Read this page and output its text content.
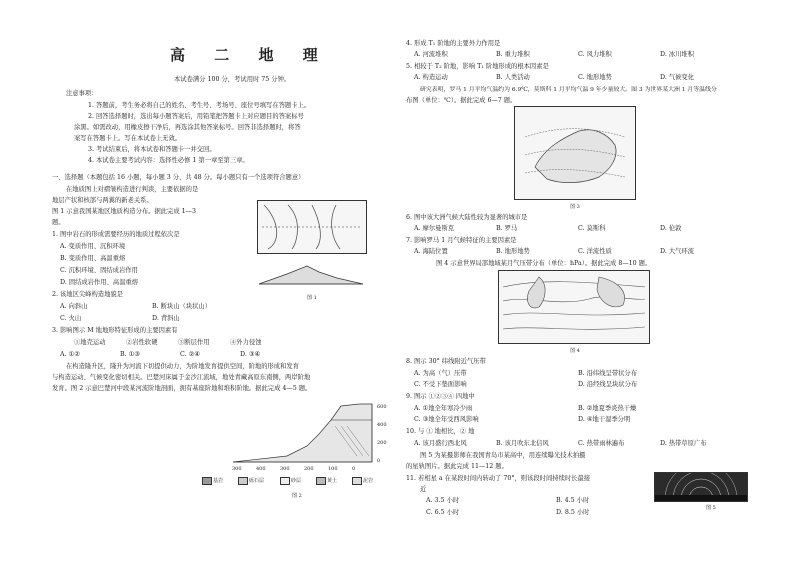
高 二 地 理
本试卷满分 100 分，考试用时 75 分钟。
注意事项：
1. 答题前，考生务必将自己的姓名、考生号、考场号、座位号填写在答题卡上。
2. 回答选择题时，选出每小题答案后，用铅笔把答题卡上对应题目的答案标号
涂黑。如需改动，用橡皮擦干净后，再选涂其他答案标号。回答非选择题时，将答
案写在答题卡上。写在本试卷上无效。
3. 考试结束后，将本试卷和答题卡一并交回。
4. 本试卷主要考试内容：选择性必修 1 第一章至第三章。
一、选择题（本题包括 16 小题，每小题 3 分，共 48 分。每小题只有一个选项符合题意）
在地质图上对褶皱构造进行判读，主要依据的是
地层产状和核部与两翼的新老关系。
图 1 示意我国某地区地质构造分布。据此完成 1—3
题。
1. 图中岩石的形成需要经历的地质过程依次是
A. 变质作用、沉积环境
B. 变质作用、高温重熔
C. 沉积环境、固结成岩作用
D. 固结成岩作用、高温重熔
2. 该地区尖峰构造地貌是
A. 向斜山	B. 断块山（块状山）
C. 火山	D. 背斜山
3. 影响图示 M 地地形特征形成的主要因素有
①地壳运动	②岩性软硬	③断层作用	④外力侵蚀
A. ①②	B. ①③	C. ②④	D. ③④
在构造隆升区，隆升为河流下切提供动力，为阶地发育提供空间，阶地的形成和发育
与构造运动、气候变化密切相关。巴楚河床属于金沙江流域，地处青藏高原东南侧，两岸阶地
发育。图 2 示意巴楚河中段某河流阶地剖面，拥有基座阶地和堆积阶地。据此完成 4—5 题。
图 1
600
400
200
0
300	400	300	200	100	0
基岩	砾石层	砂层	黄土	泥岩
图 2
4. 形成 T₁ 阶地的主要外力作用是
A. 河流堆积	B. 重力堆积	C. 风力堆积	D. 冰川堆积
5. 相较于 T₂ 阶地，影响 T₁ 阶地形成的根本因素是
A. 构造运动	B. 人类活动	C. 地形地势	D. 气候变化
研究表明，罗马 1 月平均气温约为 6.9℃，莫斯科 1 月平均气温 9 年少量较大。图 3 为世界某大洲 1 月等温线分
布图（单位：℃）。据此完成 6—7 题。
图 3
6. 图中该大洲气候大陆性较为显著的城市是
A. 摩尔曼斯克	B. 罗马	C. 莫斯科	D. 伦敦
7. 影响罗马 1 月气候特征的主要因素是
A. 海陆位置	B. 地形地势	C. 洋流性质	D. 大气环流
图 4 示意世界局部地域某月气压带分布（单位：hPa）。据此完成 8—10 题。
图 4
8. 图示 30° 纬线附近气压带
A. 为高（气）压带	B. 沿纬线呈带状分布
C. 不受下垫面影响	D. 沿经线呈块状分布
9. 图示 ①②③④ 四地中
A. ①地全年寒冷少雨	B. ②地夏季炎热干燥
C. ③地全年受西风影响	D. ④地干湿季分明
10. 与 ① 地相比，② 地
A. 该月盛行西北风	B. 该月吹东北信风	C. 热带雨林遍布	D. 热带草原广布
图 5 为某摄影师在我国青岛市某高中，用连续曝光技术拍摄
的星轨图片。据此完成 11—12 题。
11. 若相星 a 在某段时间内转动了 70°，则该段时间持续时长最接
近
A. 3.5 小时	B. 4.5 小时
C. 6.5 小时	D. 8.5 小时
图 5
